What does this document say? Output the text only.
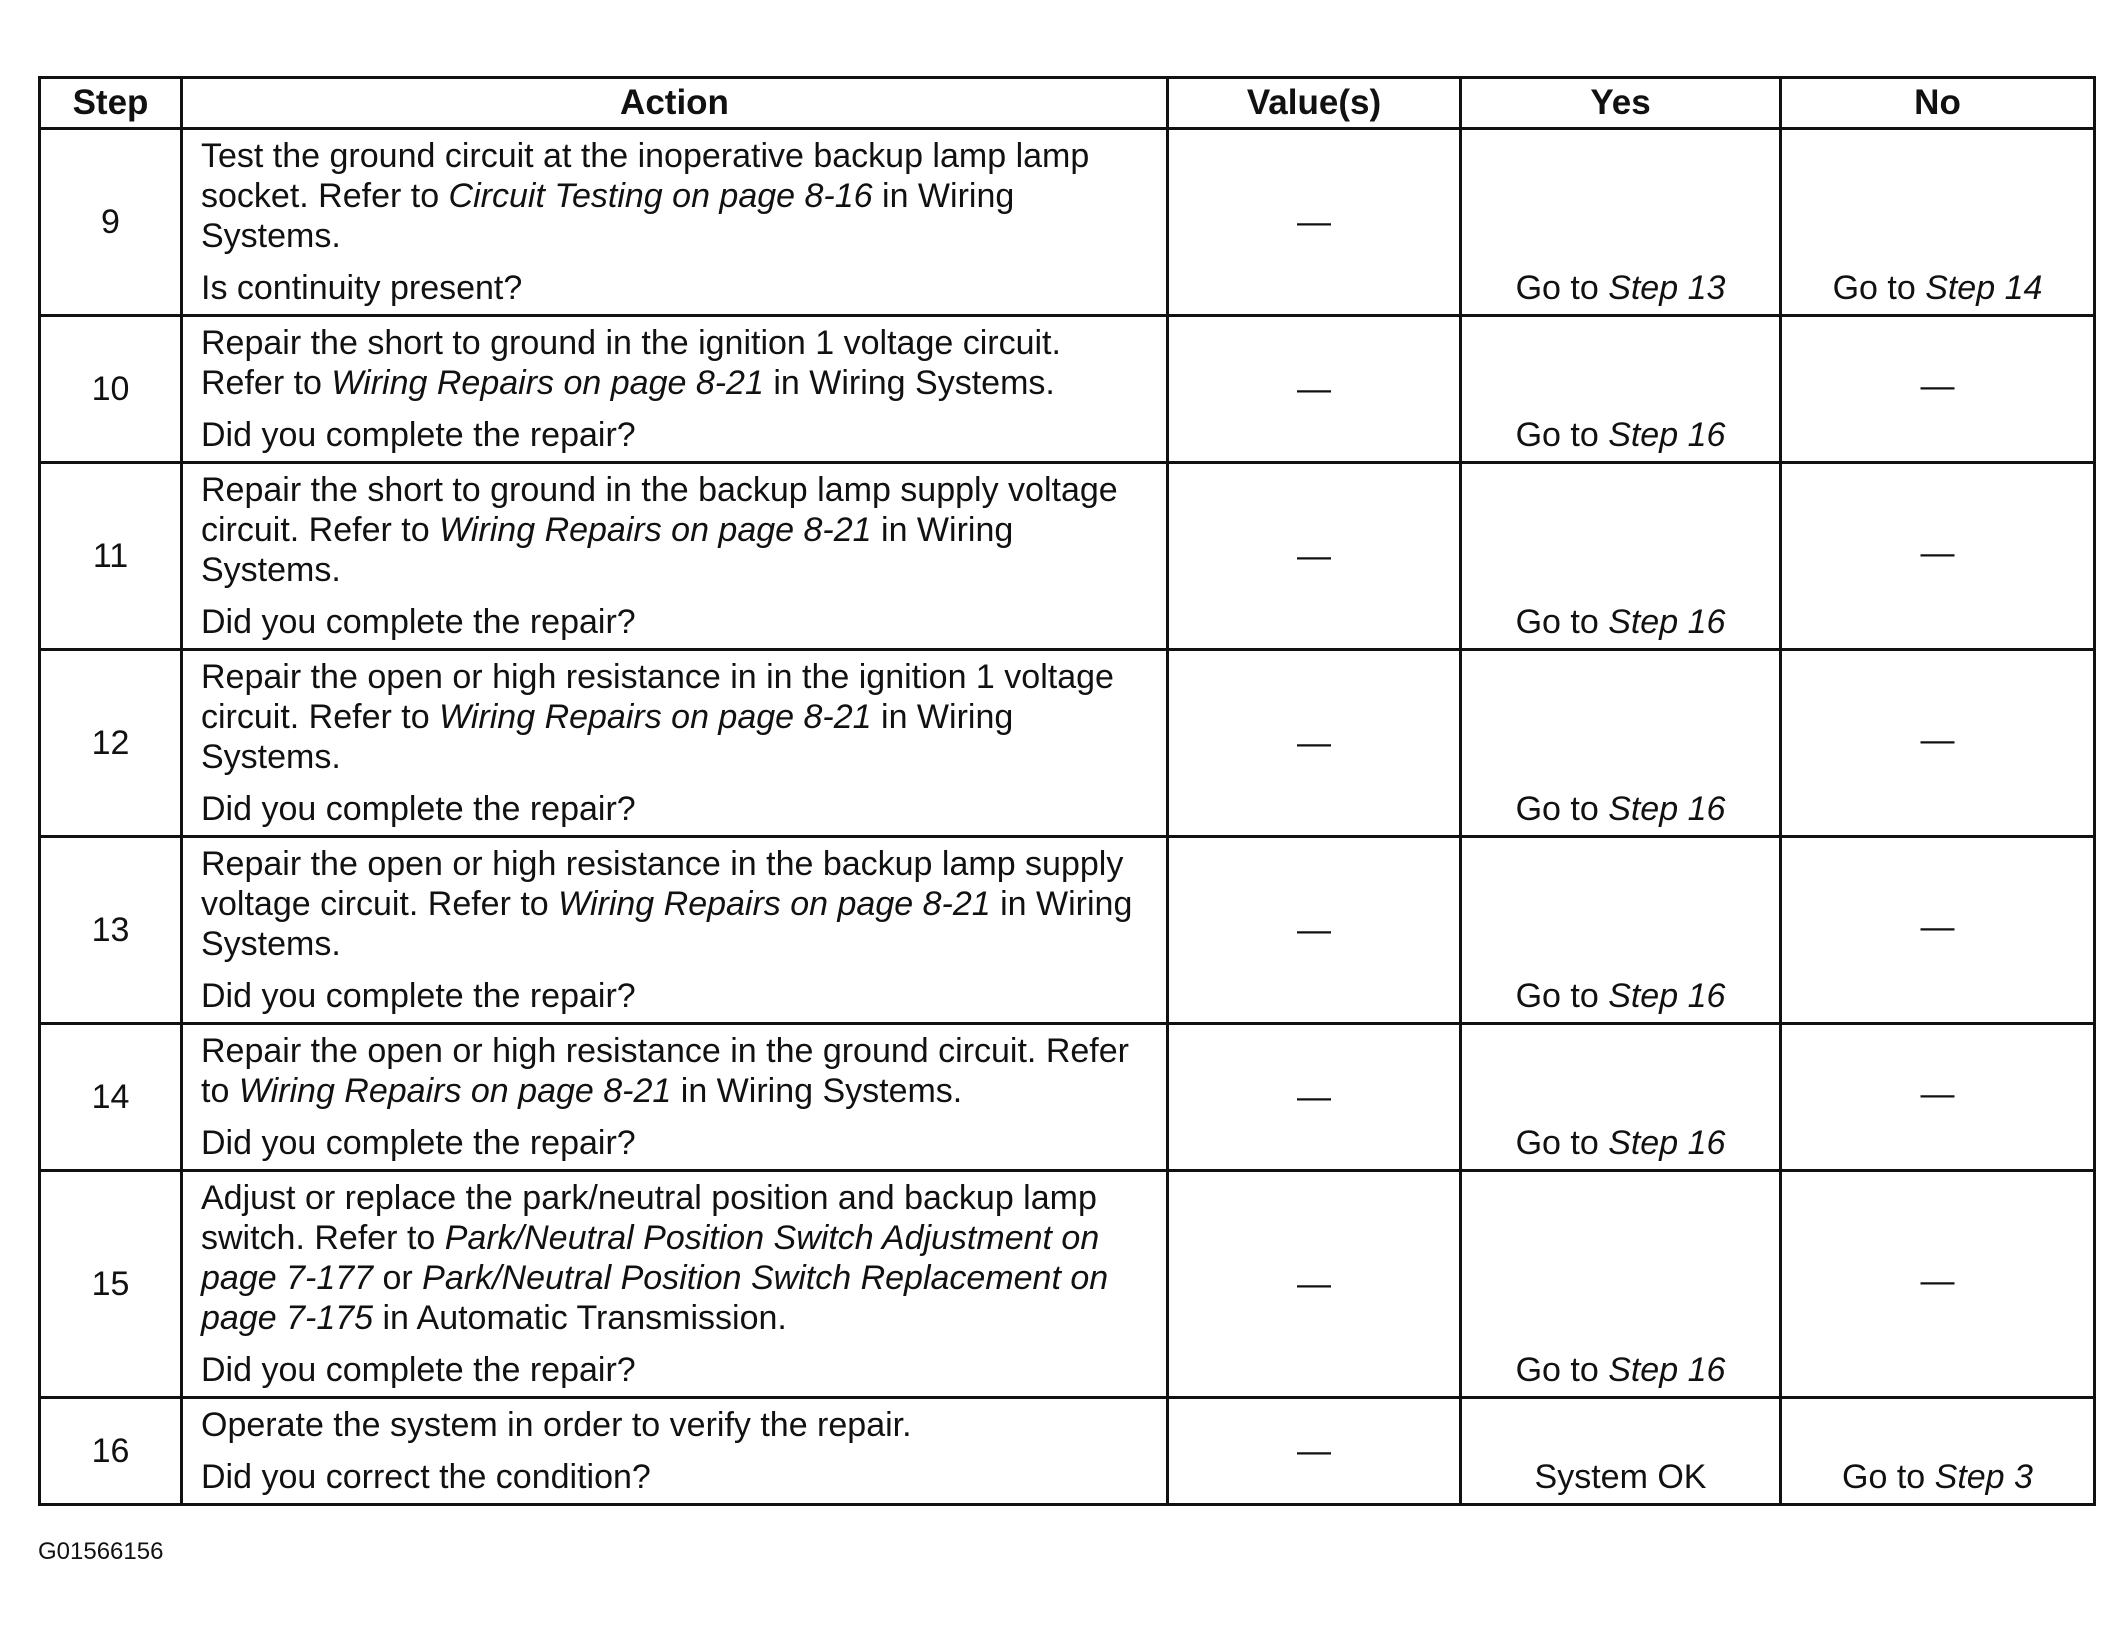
Step	Action	Value(s)	Yes	No
9	Test the ground circuit at the inoperative backup lamp lamp socket. Refer to Circuit Testing on page 8-16 in Wiring Systems.
Is continuity present?	—	Go to Step 13	Go to Step 14
10	Repair the short to ground in the ignition 1 voltage circuit. Refer to Wiring Repairs on page 8-21 in Wiring Systems.
Did you complete the repair?	—	Go to Step 16	—
11	Repair the short to ground in the backup lamp supply voltage circuit. Refer to Wiring Repairs on page 8-21 in Wiring Systems.
Did you complete the repair?	—	Go to Step 16	—
12	Repair the open or high resistance in in the ignition 1 voltage circuit. Refer to Wiring Repairs on page 8-21 in Wiring Systems.
Did you complete the repair?	—	Go to Step 16	—
13	Repair the open or high resistance in the backup lamp supply voltage circuit. Refer to Wiring Repairs on page 8-21 in Wiring Systems.
Did you complete the repair?	—	Go to Step 16	—
14	Repair the open or high resistance in the ground circuit. Refer to Wiring Repairs on page 8-21 in Wiring Systems.
Did you complete the repair?	—	Go to Step 16	—
15	Adjust or replace the park/neutral position and backup lamp switch. Refer to Park/Neutral Position Switch Adjustment on page 7-177 or Park/Neutral Position Switch Replacement on page 7-175 in Automatic Transmission.
Did you complete the repair?	—	Go to Step 16	—
16	Operate the system in order to verify the repair.
Did you correct the condition?	—	System OK	Go to Step 3
G01566156
